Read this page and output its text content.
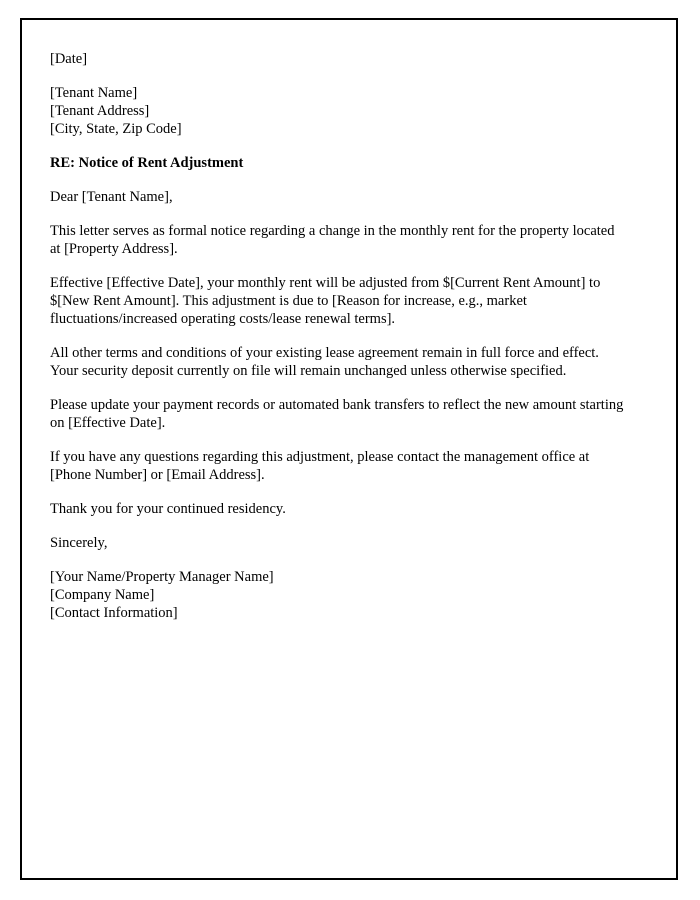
[Date]

[Tenant Name]

[Tenant Address]

[City, State, Zip Code]

RE: Notice of Rent Adjustment

Dear [Tenant Name],

This letter serves as formal notice regarding a change in the monthly rent for the property located at [Property Address].

Effective [Effective Date], your monthly rent will be adjusted from $[Current Rent Amount] to $[New Rent Amount]. This adjustment is due to [Reason for increase, e.g., market fluctuations/increased operating costs/lease renewal terms].

All other terms and conditions of your existing lease agreement remain in full force and effect. Your security deposit currently on file will remain unchanged unless otherwise specified.

Please update your payment records or automated bank transfers to reflect the new amount starting on [Effective Date].

If you have any questions regarding this adjustment, please contact the management office at [Phone Number] or [Email Address].

Thank you for your continued residency.

Sincerely,

[Your Name/Property Manager Name]

[Company Name]

[Contact Information]
